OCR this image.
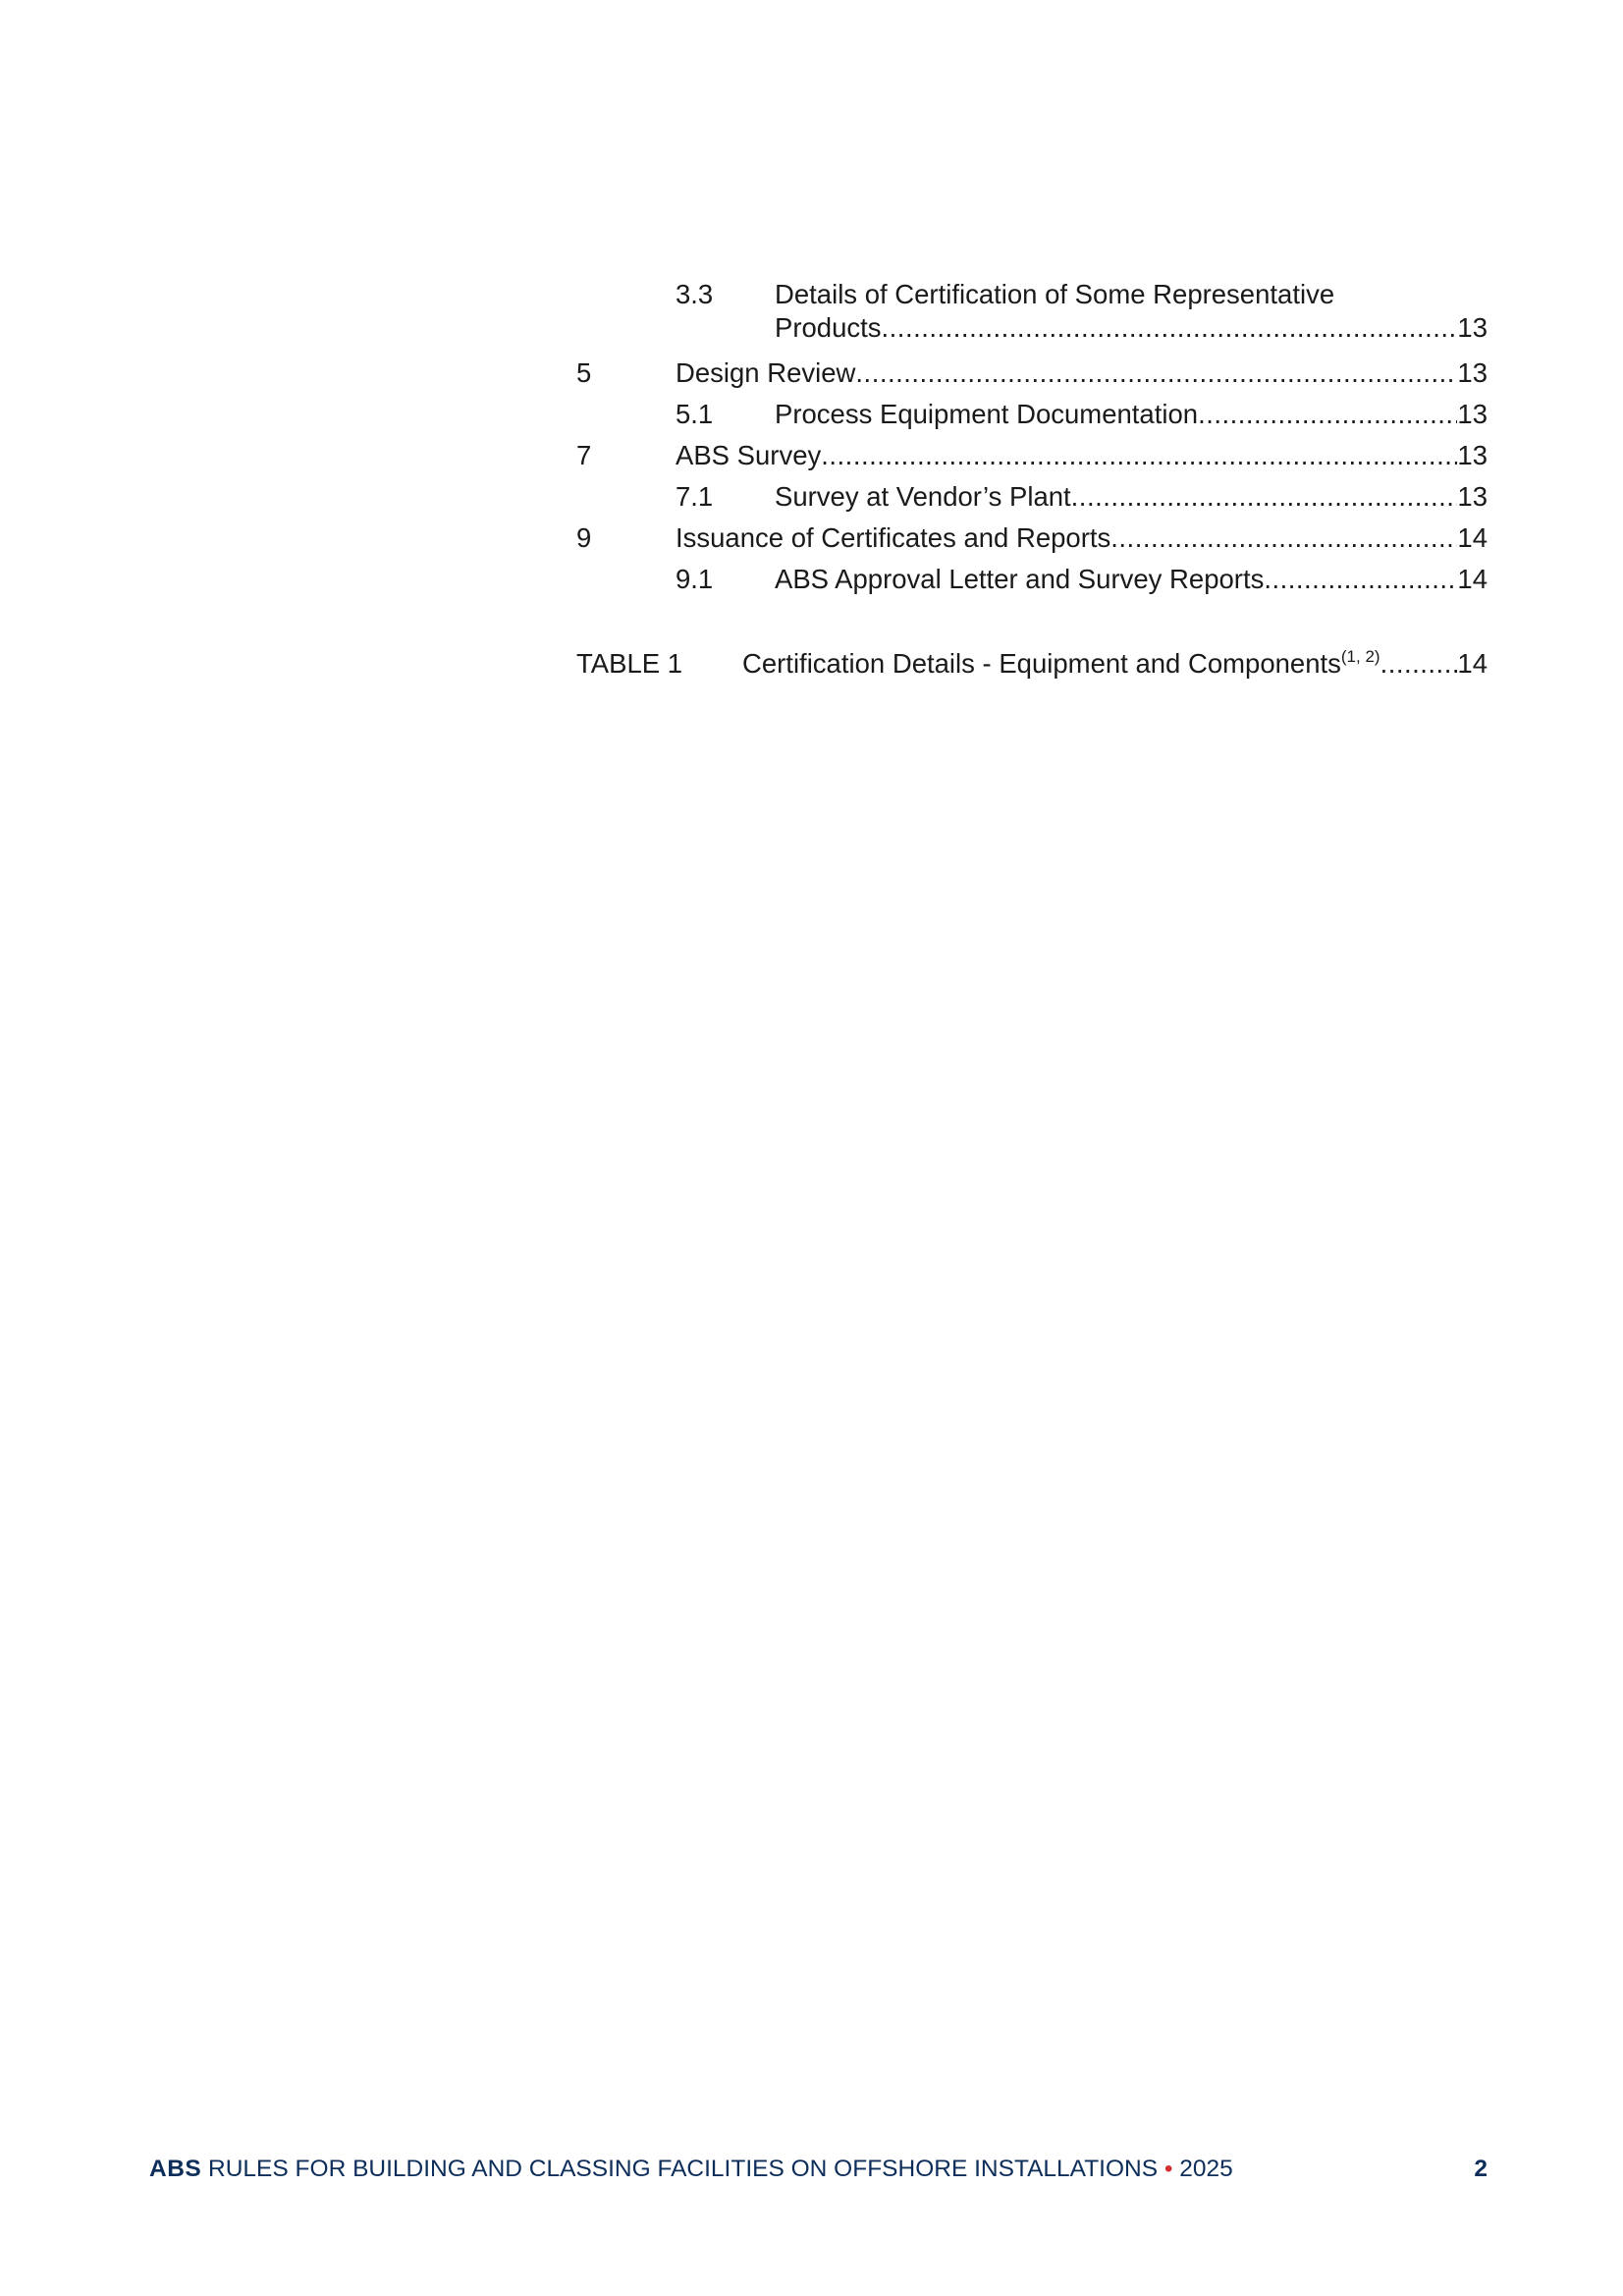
3.3	Details of Certification of Some Representative
Products .....	13
5	Design Review .....	13
5.1	Process Equipment Documentation .....	13
7	ABS Survey .....	13
7.1	Survey at Vendor’s Plant .....	13
9	Issuance of Certificates and Reports .....	14
9.1	ABS Approval Letter and Survey Reports .....	14
TABLE 1	Certification Details - Equipment and Components$^{(1, 2)}$ .....	14
ABS RULES FOR BUILDING AND CLASSING FACILITIES ON OFFSHORE INSTALLATIONS • 2025	2
